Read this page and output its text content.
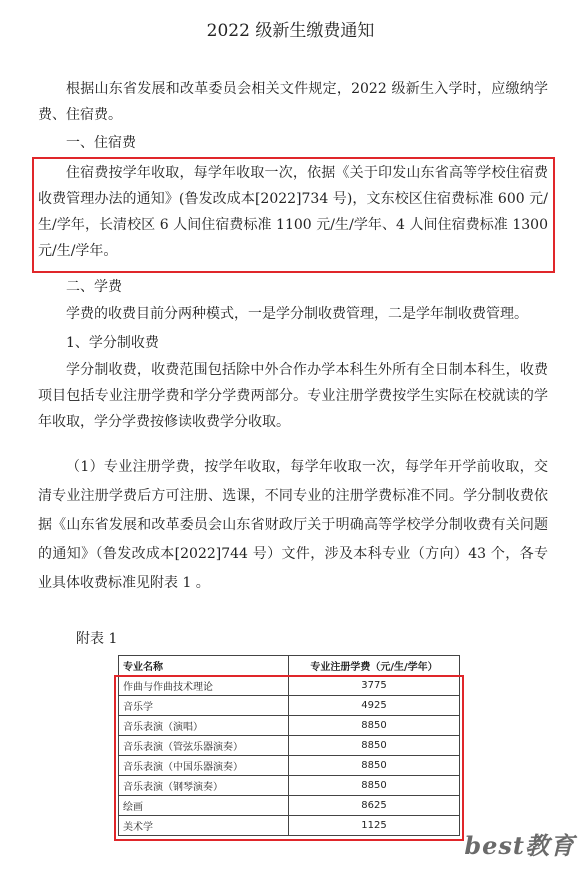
2022 级新生缴费通知

根据山东省发展和改革委员会相关文件规定，2022 级新生入学时，应缴纳学费、住宿费。

一、住宿费

住宿费按学年收取，每学年收取一次，依据《关于印发山东省高等学校住宿费收费管理办法的通知》(鲁发改成本[2022]734 号)，文东校区住宿费标准 600 元/生/学年，长清校区 6 人间住宿费标准 1100 元/生/学年、4 人间住宿费标准 1300 元/生/学年。

二、学费

学费的收费目前分两种模式，一是学分制收费管理，二是学年制收费管理。

1、学分制收费

学分制收费，收费范围包括除中外合作办学本科生外所有全日制本科生，收费项目包括专业注册学费和学分学费两部分。专业注册学费按学生实际在校就读的学年收取，学分学费按修读收费学分收取。

（1）专业注册学费，按学年收取，每学年收取一次，每学年开学前收取，交清专业注册学费后方可注册、选课，不同专业的注册学费标准不同。学分制收费依据《山东省发展和改革委员会山东省财政厅关于明确高等学校学分制收费有关问题的通知》（鲁发改成本[2022]744 号）文件，涉及本科专业（方向）43 个，各专业具体收费标准见附表 1 。

附表 1

专业名称	专业注册学费（元/生/学年）
作曲与作曲技术理论	3775
音乐学	4925
音乐表演（演唱）	8850
音乐表演（管弦乐器演奏）	8850
音乐表演（中国乐器演奏）	8850
音乐表演（钢琴演奏）	8850
绘画	8625
美术学	1125
best教育
